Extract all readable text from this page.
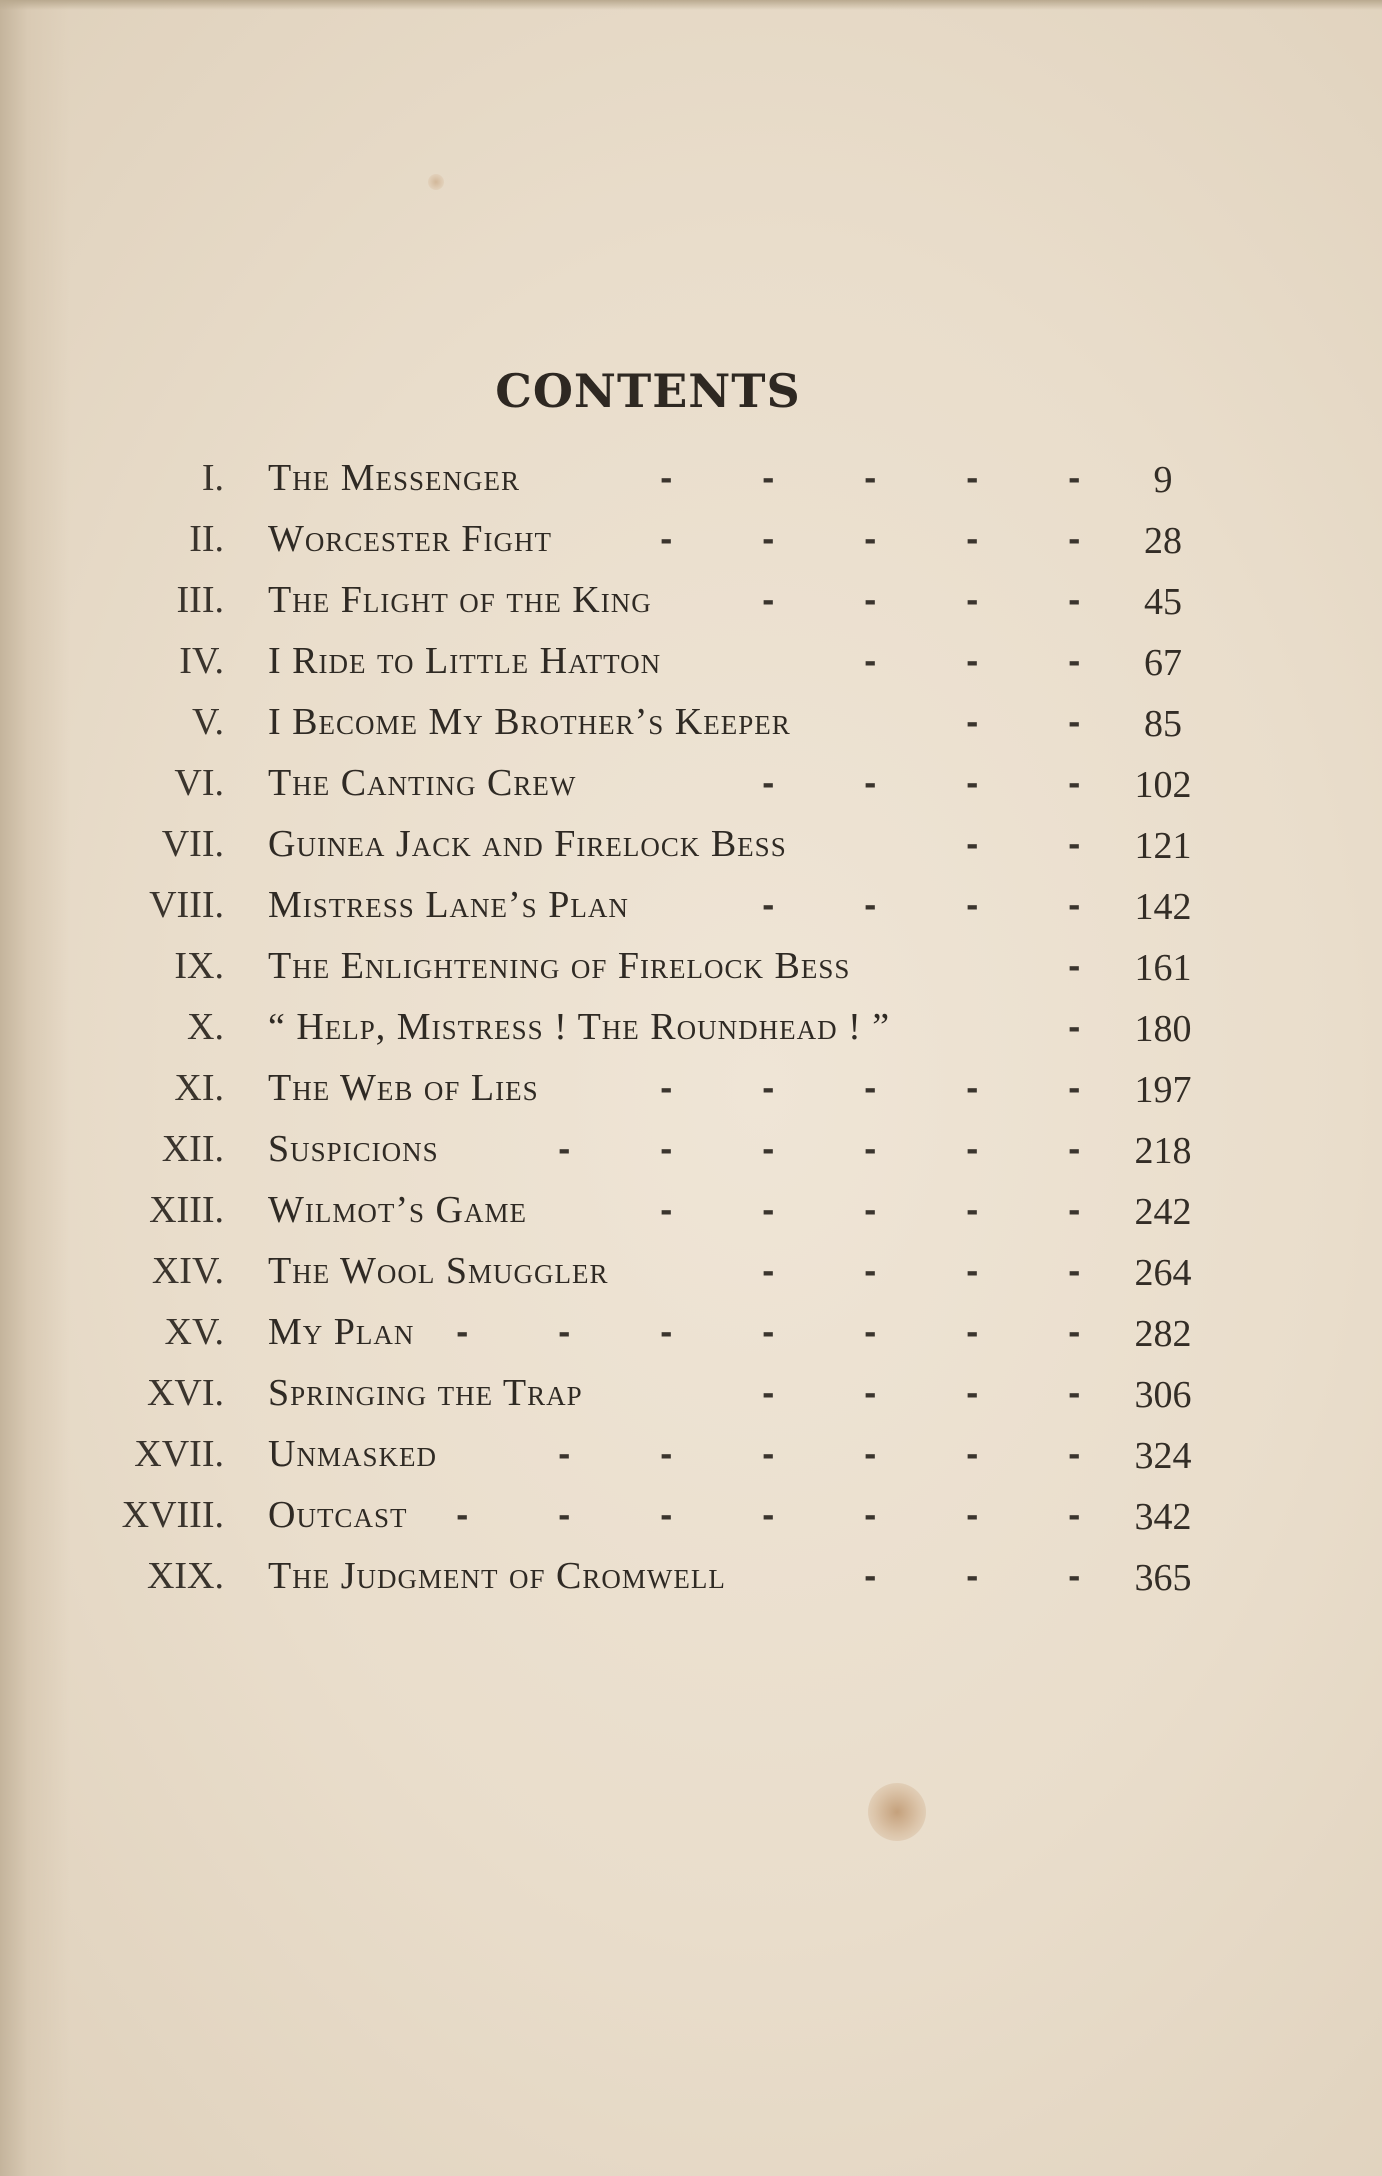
CONTENTS
I. The Messenger	-	-	-	-	-	9
II. Worcester Fight	-	-	-	-	-	28
III. The Flight of the King	-	-	-	-	45
IV. I Ride to Little Hatton	-	-	-	67
V. I Become My Brother’s Keeper	-	-	85
VI. The Canting Crew	-	-	-	- 102
VII. Guinea Jack and Firelock Bess	-	- 121
VIII. Mistress Lane’s Plan	-	-	-	- 142
IX. The Enlightening of Firelock Bess	- 161
X. “ Help, Mistress ! The Roundhead ! ”	- 180
XI. The Web of Lies	-	-	-	-	- 197
XII. Suspicions	-	-	-	-	-	- 218
XIII. Wilmot’s Game	-	-	-	-	- 242
XIV. The Wool Smuggler	-	-	-	- 264
XV. My Plan -	-	-	-	-	-	- 282
XVI. Springing the Trap	-	-	-	- 306
XVII. Unmasked	-	-	-	-	-	- 324
XVIII. Outcast -	-	-	-	-	-	- 342
XIX. The Judgment of Cromwell	-	-	- 365
